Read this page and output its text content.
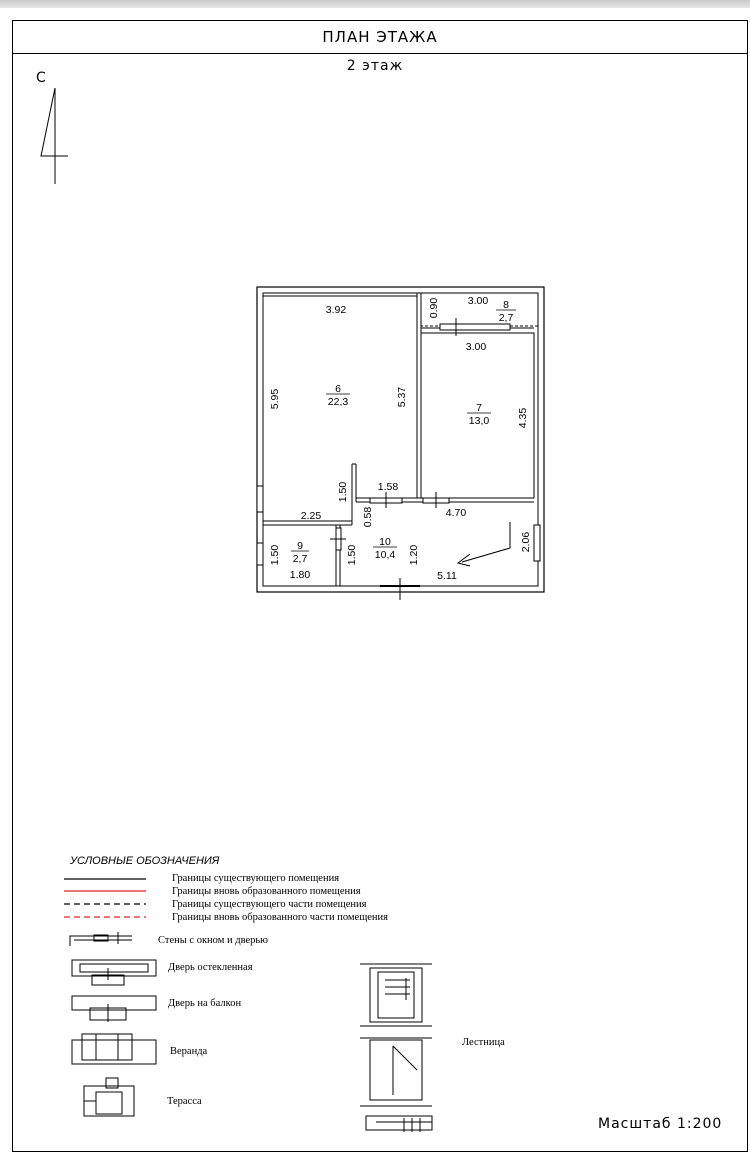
ПЛАН ЭТАЖА
2 этаж
С
6
22,3	7
13,0
8
2,7
9
2,7
10
10,4
3.92
2.25
1.58
3.00
3.00
4.70
1.80	5.11
5.95	5.37
1.50
0.90
4.35
0.58
1.50	1.50	1.20
2.06
УСЛОВНЫЕ ОБОЗНАЧЕНИЯ
Границы существующего помещения
Границы вновь образованного помещения
Границы существующего части помещения
Границы вновь образованного части помещения
Стены с окном и дверью
Дверь остекленная
Дверь на балкон
Веранда
Терасса
Лестница
Масштаб 1:200
